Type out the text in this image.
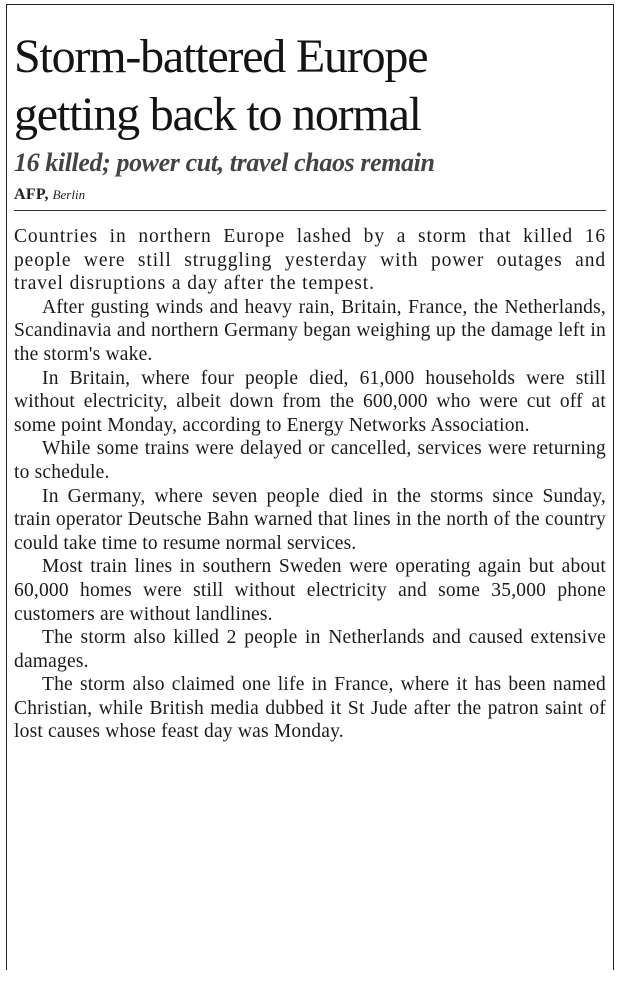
Storm-battered Europe
getting back to normal
16 killed; power cut, travel chaos remain
AFP, Berlin

Countries in northern Europe lashed by a storm that killed 16 people were still struggling yesterday with power outages and travel disruptions a day after the tempest.

After gusting winds and heavy rain, Britain, France, the Netherlands, Scandinavia and northern Germany began weighing up the damage left in the storm's wake.

In Britain, where four people died, 61,000 households were still without electricity, albeit down from the 600,000 who were cut off at some point Monday, according to Energy Networks Association.

While some trains were delayed or cancelled, services were returning to schedule.

In Germany, where seven people died in the storms since Sunday, train operator Deutsche Bahn warned that lines in the north of the country could take time to resume normal services.

Most train lines in southern Sweden were operating again but about 60,000 homes were still without electricity and some 35,000 phone customers are without landlines.

The storm also killed 2 people in Netherlands and caused extensive damages.

The storm also claimed one life in France, where it has been named Christian, while British media dubbed it St Jude after the patron saint of lost causes whose feast day was Monday.
